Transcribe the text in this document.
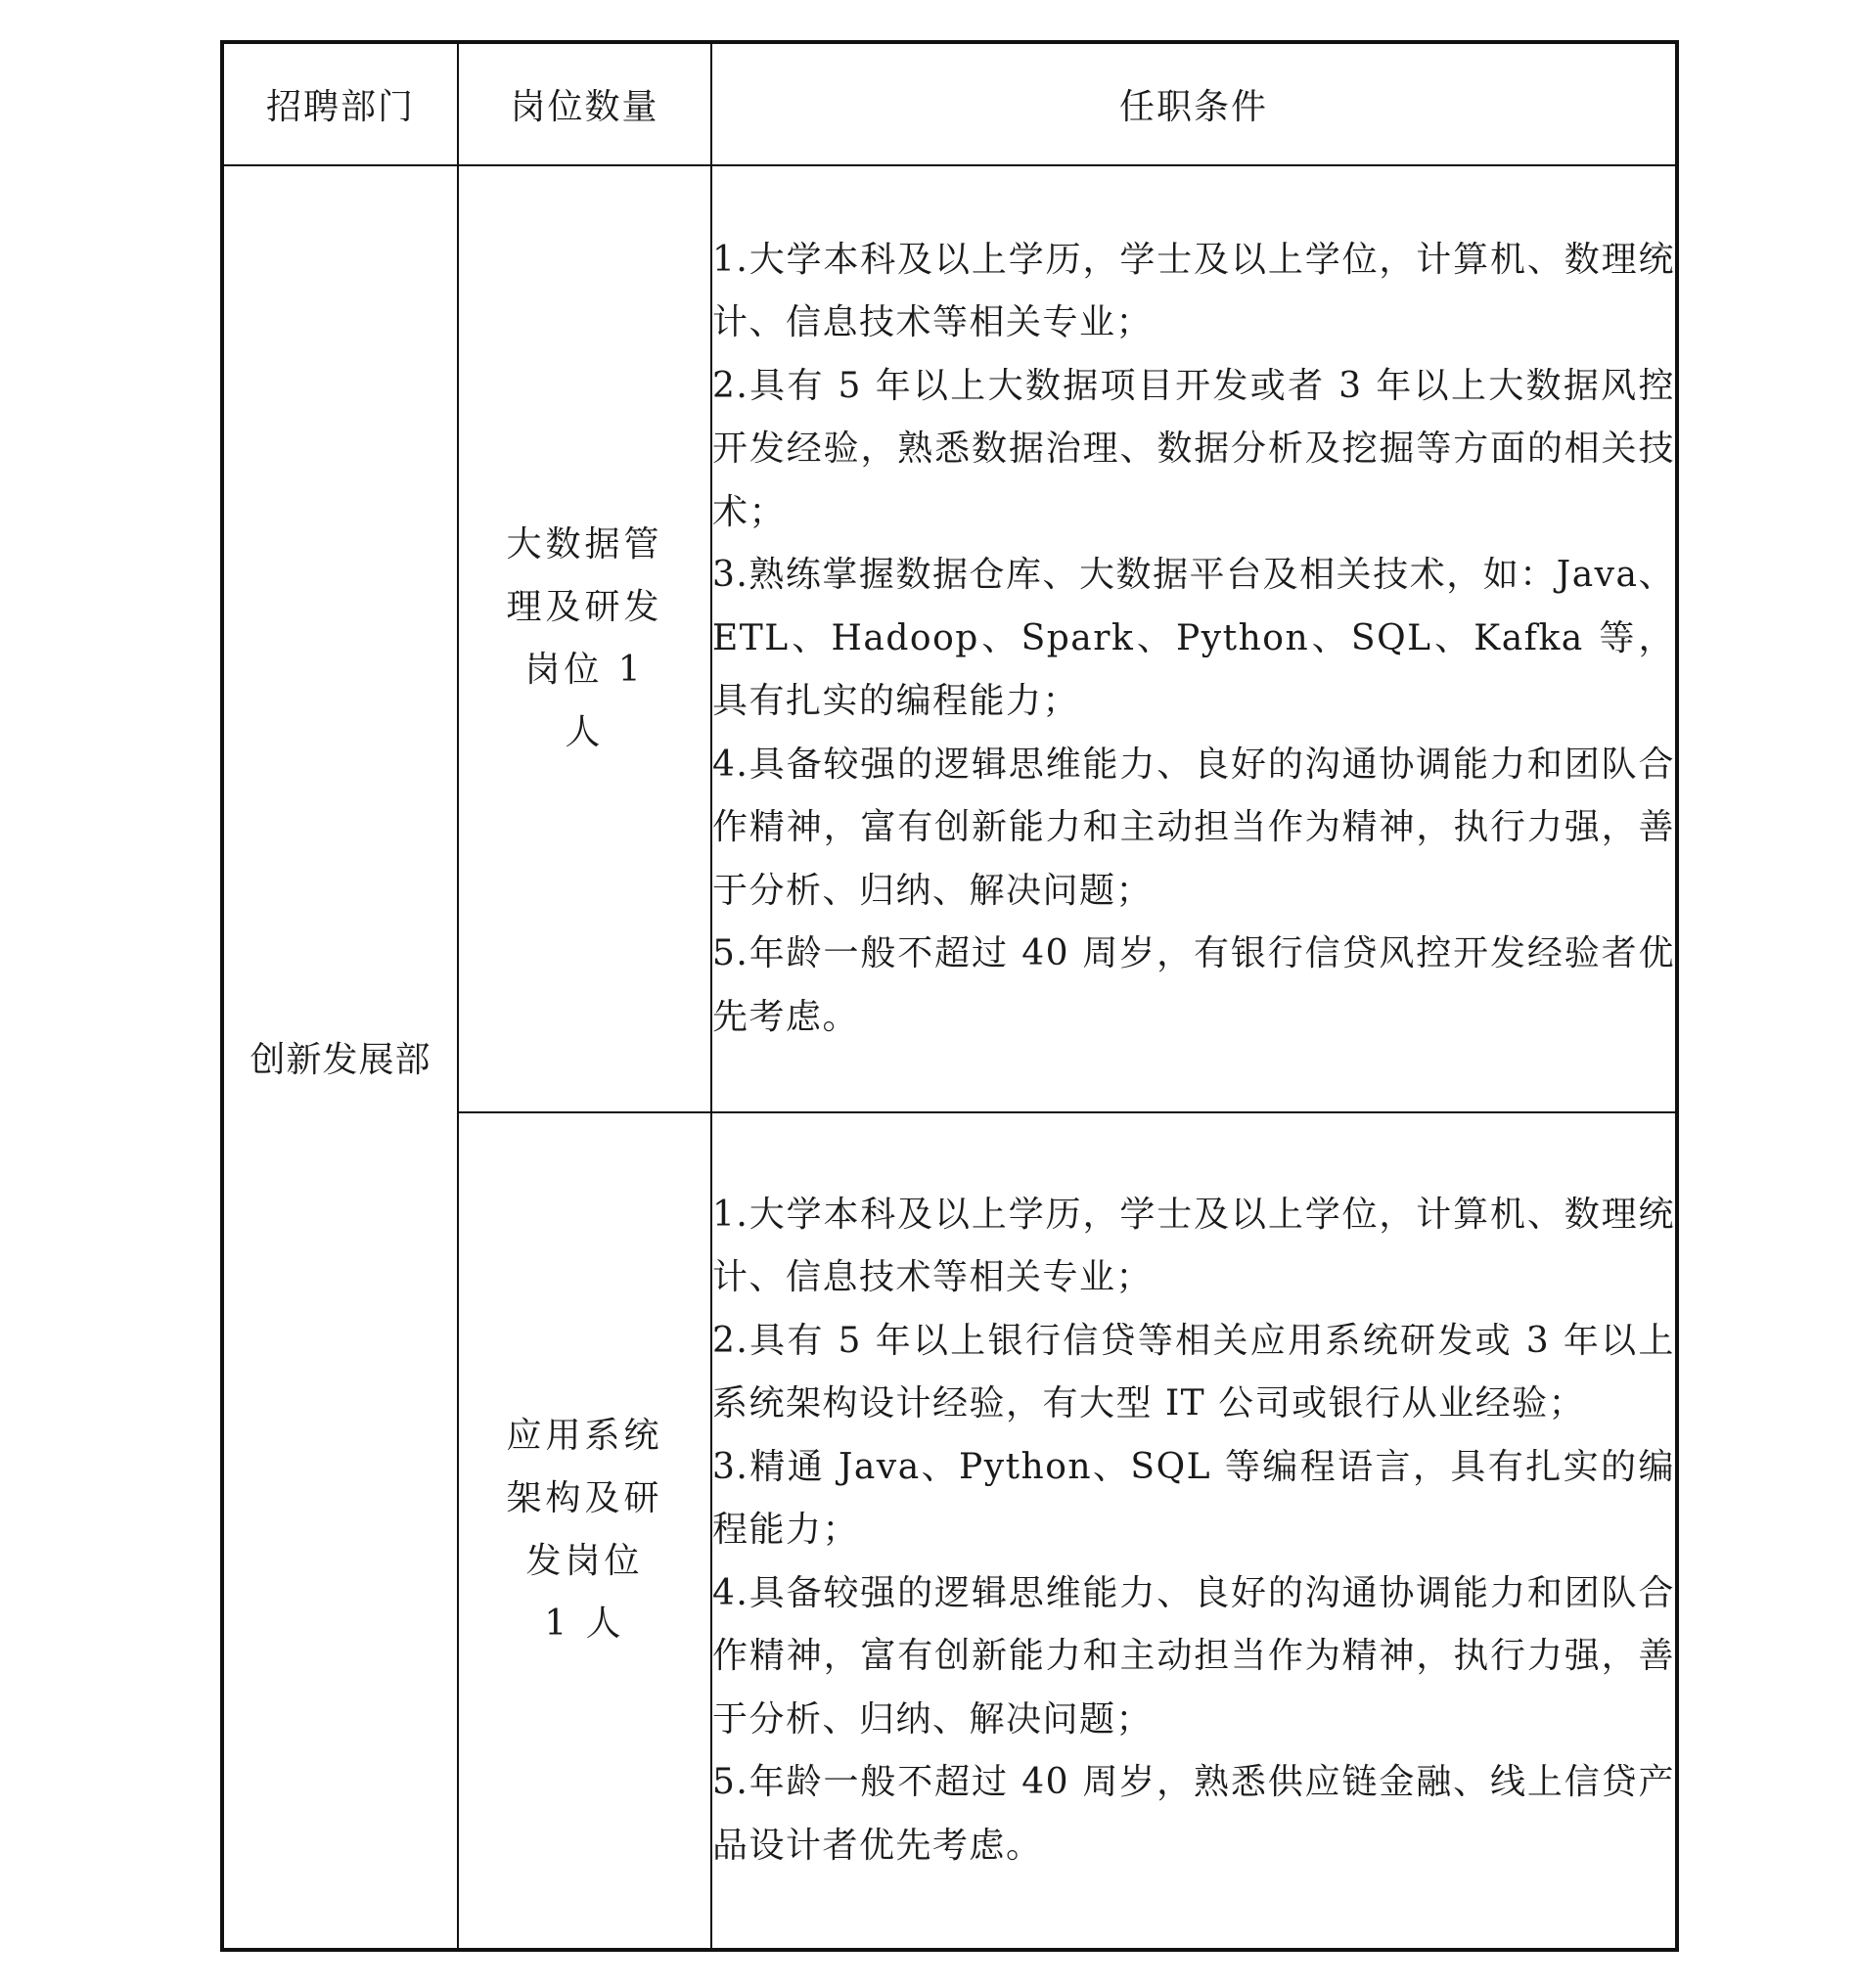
招聘部门	岗位数量	任职条件
创新发展部	大数据管理及研发岗位 1 人	1.大学本科及以上学历，学士及以上学位，计算机、数理统计、信息技术等相关专业；
2.具有 5 年以上大数据项目开发或者 3 年以上大数据风控开发经验，熟悉数据治理、数据分析及挖掘等方面的相关技术；
3.熟练掌握数据仓库、大数据平台及相关技术，如：Java、ETL、Hadoop、Spark、Python、SQL、Kafka 等，具有扎实的编程能力；
4.具备较强的逻辑思维能力、良好的沟通协调能力和团队合作精神，富有创新能力和主动担当作为精神，执行力强，善于分析、归纳、解决问题；
5.年龄一般不超过 40 周岁，有银行信贷风控开发经验者优先考虑。

	应用系统架构及研发岗位 1 人	1.大学本科及以上学历，学士及以上学位，计算机、数理统计、信息技术等相关专业；
2.具有 5 年以上银行信贷等相关应用系统研发或 3 年以上系统架构设计经验，有大型 IT 公司或银行从业经验；
3.精通 Java、Python、SQL 等编程语言，具有扎实的编程能力；
4.具备较强的逻辑思维能力、良好的沟通协调能力和团队合作精神，富有创新能力和主动担当作为精神，执行力强，善于分析、归纳、解决问题；
5.年龄一般不超过 40 周岁，熟悉供应链金融、线上信贷产品设计者优先考虑。
